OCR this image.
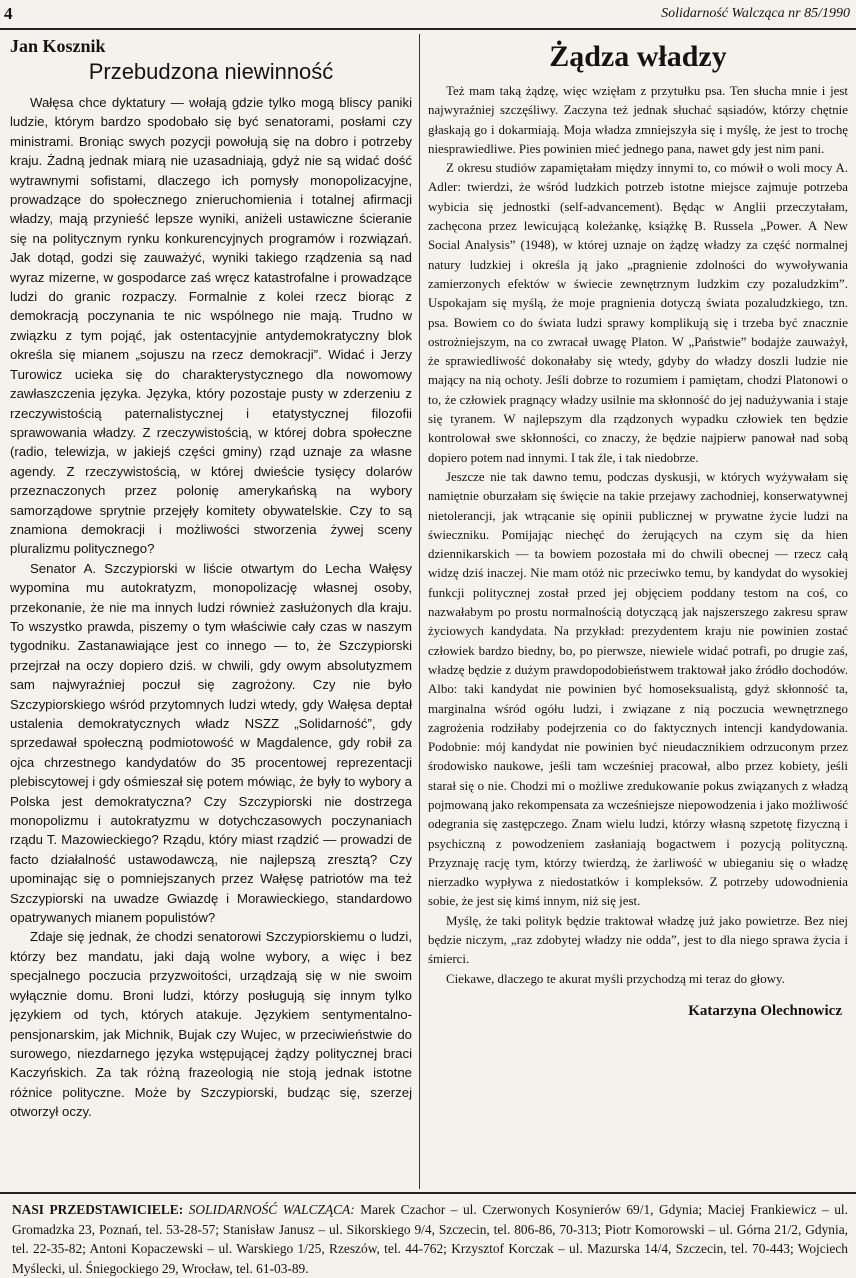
4	Solidarność Walcząca nr 85/1990

Jan Kosznik

Przebudzona niewinność

Wałęsa chce dyktatury — wołają gdzie tylko mogą bliscy paniki ludzie, którym bardzo spodobało się być senatorami, posłami czy ministrami. Broniąc swych pozycji powołują się na dobro i potrzeby kraju. Żadną jednak miarą nie uzasadniają, gdyż nie są widać dość wytrawnymi sofistami, dlaczego ich pomysły monopolizacyjne, prowadzące do społecznego znieruchomienia i totalnej afirmacji władzy, mają przynieść lepsze wyniki, aniżeli ustawiczne ścieranie się na politycznym rynku konkurencyjnych programów i rozwiązań. Jak dotąd, godzi się zauważyć, wyniki takiego rządzenia są nad wyraz mizerne, w gospodarce zaś wręcz katastrofalne i prowadzące ludzi do granic rozpaczy. Formalnie z kolei rzecz biorąc z demokracją poczynania te nic wspólnego nie mają. Trudno w związku z tym pojąć, jak ostentacyjnie antydemokratyczny blok określa się mianem „sojuszu na rzecz demokracji”. Widać i Jerzy Turowicz ucieka się do charakterystycznego dla nowomowy zawłaszczenia języka. Języka, który pozostaje pusty w zderzeniu z rzeczywistością paternalistycznej i etatystycznej filozofii sprawowania władzy. Z rzeczywistością, w której dobra społeczne (radio, telewizja, w jakiejś części gminy) rząd uznaje za własne agendy. Z rzeczywistością, w której dwieście tysięcy dolarów przeznaczonych przez polonię amerykańską na wybory samorządowe sprytnie przejęły komitety obywatelskie. Czy to są znamiona demokracji i możliwości stworzenia żywej sceny pluralizmu politycznego?

Senator A. Szczypiorski w liście otwartym do Lecha Wałęsy wypomina mu autokratyzm, monopolizację własnej osoby, przekonanie, że nie ma innych ludzi również zasłużonych dla kraju. To wszystko prawda, piszemy o tym właściwie cały czas w naszym tygodniku. Zastanawiające jest co innego — to, że Szczypiorski przejrzał na oczy dopiero dziś. w chwili, gdy owym absolutyzmem sam najwyraźniej poczuł się zagrożony. Czy nie było Szczypiorskiego wśród przytomnych ludzi wtedy, gdy Wałęsa deptał ustalenia demokratycznych władz NSZZ „Solidarność”, gdy sprzedawał społeczną podmiotowość w Magdalence, gdy robił za ojca chrzestnego kandydatów do 35 procentowej reprezentacji plebiscytowej i gdy ośmieszał się potem mówiąc, że były to wybory a Polska jest demokratyczna? Czy Szczypiorski nie dostrzega monopolizmu i autokratyzmu w dotychczasowych poczynaniach rządu T. Mazowieckiego? Rządu, który miast rządzić — prowadzi de facto działalność ustawodawczą, nie najlepszą zresztą? Czy upominając się o pomniejszanych przez Wałęsę patriotów ma też Szczypiorski na uwadze Gwiazdę i Morawieckiego, standardowo opatrywanych mianem populistów?

Zdaje się jednak, że chodzi senatorowi Szczypiorskiemu o ludzi, którzy bez mandatu, jaki dają wolne wybory, a więc i bez specjalnego poczucia przyzwoitości, urządzają się w nie swoim wyłącznie domu. Broni ludzi, którzy posługują się innym tylko językiem od tych, których atakuje. Językiem sentymentalno-pensjonarskim, jak Michnik, Bujak czy Wujec, w przeciwieństwie do surowego, niezdarnego języka wstępującej żądzy politycznej braci Kaczyńskich. Za tak różną frazeologią nie stoją jednak istotne różnice polityczne. Może by Szczypiorski, budząc się, szerzej otworzył oczy.

Żądza władzy

Też mam taką żądzę, więc wzięłam z przytułku psa. Ten słucha mnie i jest najwyraźniej szczęśliwy. Zaczyna też jednak słuchać sąsiadów, którzy chętnie głaskają go i dokarmiają. Moja władza zmniejszyła się i myślę, że jest to trochę niesprawiedliwe. Pies powinien mieć jednego pana, nawet gdy jest nim pani.

Z okresu studiów zapamiętałam między innymi to, co mówił o woli mocy A. Adler: twierdzi, że wśród ludzkich potrzeb istotne miejsce zajmuje potrzeba wybicia się jednostki (self-advancement). Będąc w Anglii przeczytałam, zachęcona przez lewicującą koleżankę, książkę B. Russela „Power. A New Social Analysis” (1948), w której uznaje on żądzę władzy za część normalnej natury ludzkiej i określa ją jako „pragnienie zdolności do wywoływania zamierzonych efektów w świecie zewnętrznym ludzkim czy pozaludzkim”. Uspokajam się myślą, że moje pragnienia dotyczą świata pozaludzkiego, tzn. psa. Bowiem co do świata ludzi sprawy komplikują się i trzeba być znacznie ostrożniejszym, na co zwracał uwagę Platon. W „Państwie” bodajże zauważył, że sprawiedliwość dokonałaby się wtedy, gdyby do władzy doszli ludzie nie mający na nią ochoty. Jeśli dobrze to rozumiem i pamiętam, chodzi Platonowi o to, że człowiek pragnący władzy usilnie ma skłonność do jej nadużywania i staje się tyranem. W najlepszym dla rządzonych wypadku człowiek ten będzie kontrolował swe skłonności, co znaczy, że będzie najpierw panował nad sobą dopiero potem nad innymi. I tak źle, i tak niedobrze.

Jeszcze nie tak dawno temu, podczas dyskusji, w których wyżywałam się namiętnie oburzałam się święcie na takie przejawy zachodniej, konserwatywnej nietolerancji, jak wtrącanie się opinii publicznej w prywatne życie ludzi na świeczniku. Pomijając niechęć do żerujących na czym się da hien dziennikarskich — ta bowiem pozostała mi do chwili obecnej — rzecz całą widzę dziś inaczej. Nie mam otóż nic przeciwko temu, by kandydat do wysokiej funkcji politycznej został przed jej objęciem poddany testom na coś, co nazwałabym po prostu normalnością dotyczącą jak najszerszego zakresu spraw życiowych kandydata. Na przykład: prezydentem kraju nie powinien zostać człowiek bardzo biedny, bo, po pierwsze, niewiele widać potrafi, po drugie zaś, władzę będzie z dużym prawdopodobieństwem traktował jako źródło dochodów. Albo: taki kandydat nie powinien być homoseksualistą, gdyż skłonność ta, marginalna wśród ogółu ludzi, i związane z nią poczucia wewnętrznego zagrożenia rodziłaby podejrzenia co do faktycznych intencji kandydowania. Podobnie: mój kandydat nie powinien być nieudacznikiem odrzuconym przez środowisko naukowe, jeśli tam wcześniej pracował, albo przez kobiety, jeśli starał się o nie. Chodzi mi o możliwe zredukowanie pokus związanych z władzą pojmowaną jako rekompensata za wcześniejsze niepowodzenia i jako możliwość odegrania się zastępczego. Znam wielu ludzi, którzy własną szpetotę fizyczną i psychiczną z powodzeniem zasłaniają bogactwem i pozycją polityczną. Przyznaję rację tym, którzy twierdzą, że żarliwość w ubieganiu się o władzę nierzadko wypływa z niedostatków i kompleksów. Z potrzeby udowodnienia sobie, że jest się kimś innym, niż się jest.

Myślę, że taki polityk będzie traktował władzę już jako powietrze. Bez niej będzie niczym, „raz zdobytej władzy nie odda”, jest to dla niego sprawa życia i śmierci.

Ciekawe, dlaczego te akurat myśli przychodzą mi teraz do głowy.

Katarzyna Olechnowicz

NASI PRZEDSTAWICIELE: SOLIDARNOŚĆ WALCZĄCA: Marek Czachor – ul. Czerwonych Kosynierów 69/1, Gdynia; Maciej Frankiewicz – ul. Gromadzka 23, Poznań, tel. 53-28-57; Stanisław Janusz – ul. Sikorskiego 9/4, Szczecin, tel. 806-86, 70-313; Piotr Komorowski – ul. Górna 21/2, Gdynia, tel. 22-35-82; Antoni Kopaczewski – ul. Warskiego 1/25, Rzeszów, tel. 44-762; Krzysztof Korczak – ul. Mazurska 14/4, Szczecin, tel. 70-443; Wojciech Myślecki, ul. Śniegockiego 29, Wrocław, tel. 61-03-89.
